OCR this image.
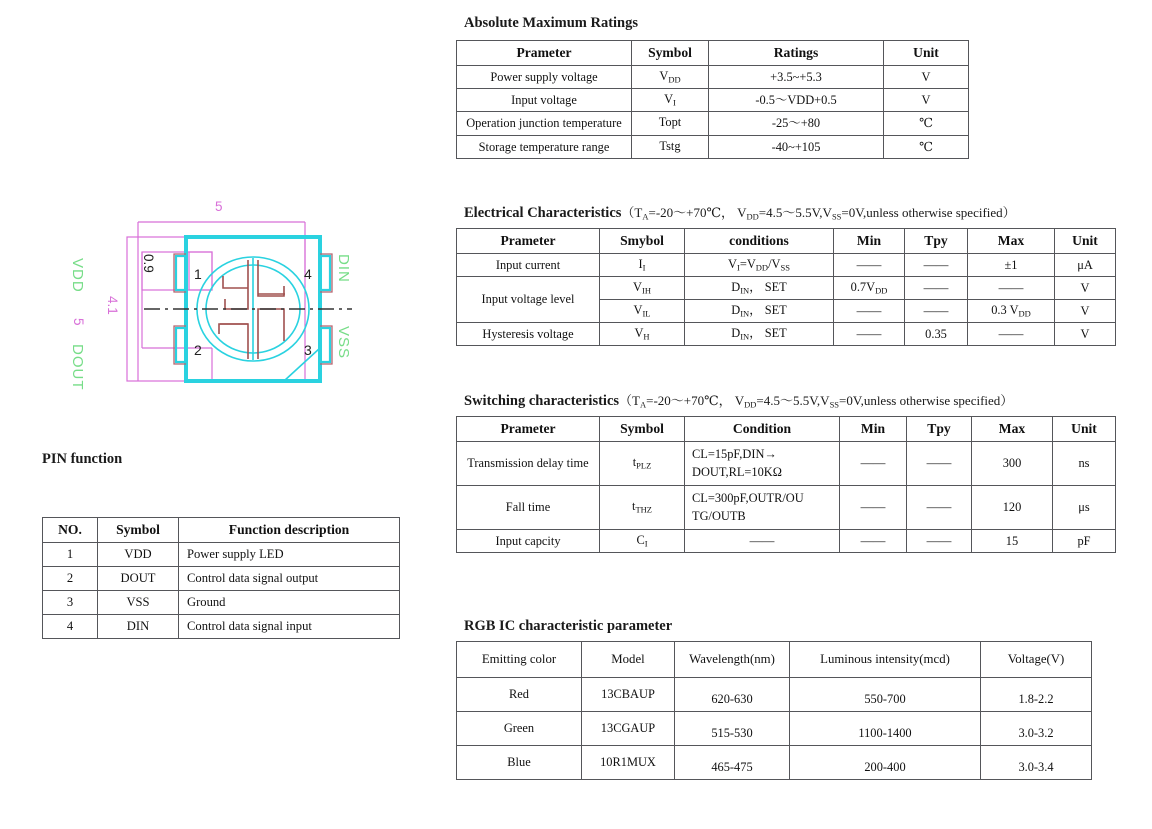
5
VDD
5
DOUT
4.1
0.9	DIN
VSS
1
2	3
4
PIN function
NO.	Symbol	Function description
1	VDD	Power supply LED
2	DOUT	Control data signal output
3	VSS	Ground
4	DIN	Control data signal input
Absolute Maximum Ratings
Prameter	Symbol	Ratings	Unit
Power supply voltage	$V_{DD}$	+3.5~+5.3	V
Input voltage	$V_I$	-0.5～VDD+0.5	V
Operation junction temperature	Topt	-25～+80	℃
Storage temperature range	Tstg	-40~+105	℃
Electrical $Characteristics(T_A=-20\sim+70℃$， $V_{DD}=4.5\sim 5.5V,V_{SS}=0V,unless$ otherwise specified）
Prameter	Smybol	conditions	Min	Tpy	Max	Unit
Input current	$I_I$	$V_I=V_{DD}/V_{SS}$	——	——	±1	μA
Input voltage level	$V_{IH}$	$D_{IN}$， SET	$0.7V_{DD}$	——	——	V
	$V_{IL}$	$D_{IN}$， SET	——	——	0.3 $V_{DD}$	V
Hysteresis voltage	$V_H$	$D_{IN}$， SET	——	0.35	——	V
Switching $characteristics(T_A=-20\sim+70℃$， $V_{DD}=4.5\sim 5.5V,V_{SS}=0V,unless$ otherwise specified）
Prameter	Symbol	Condition	Min	Tpy	Max	Unit
Transmission delay time	$t_{PLZ}$	CL=15pF,DIN→
DOUT,RL=10KΩ	——	——	300	ns
Fall time	$t_{THZ}$	CL=300pF,OUTR/OU
TG/OUTB	——	——	120	μs
Input capcity	$C_I$	——	——	——	15	pF
RGB IC characteristic parameter
Emitting color	Model	Wavelength(nm)	Luminous intensity(mcd)	Voltage(V)
Red	13CBAUP	620-630	550-700	1.8-2.2
Green	13CGAUP	515-530	1100-1400	3.0-3.2
Blue	10R1MUX	465-475	200-400	3.0-3.4
